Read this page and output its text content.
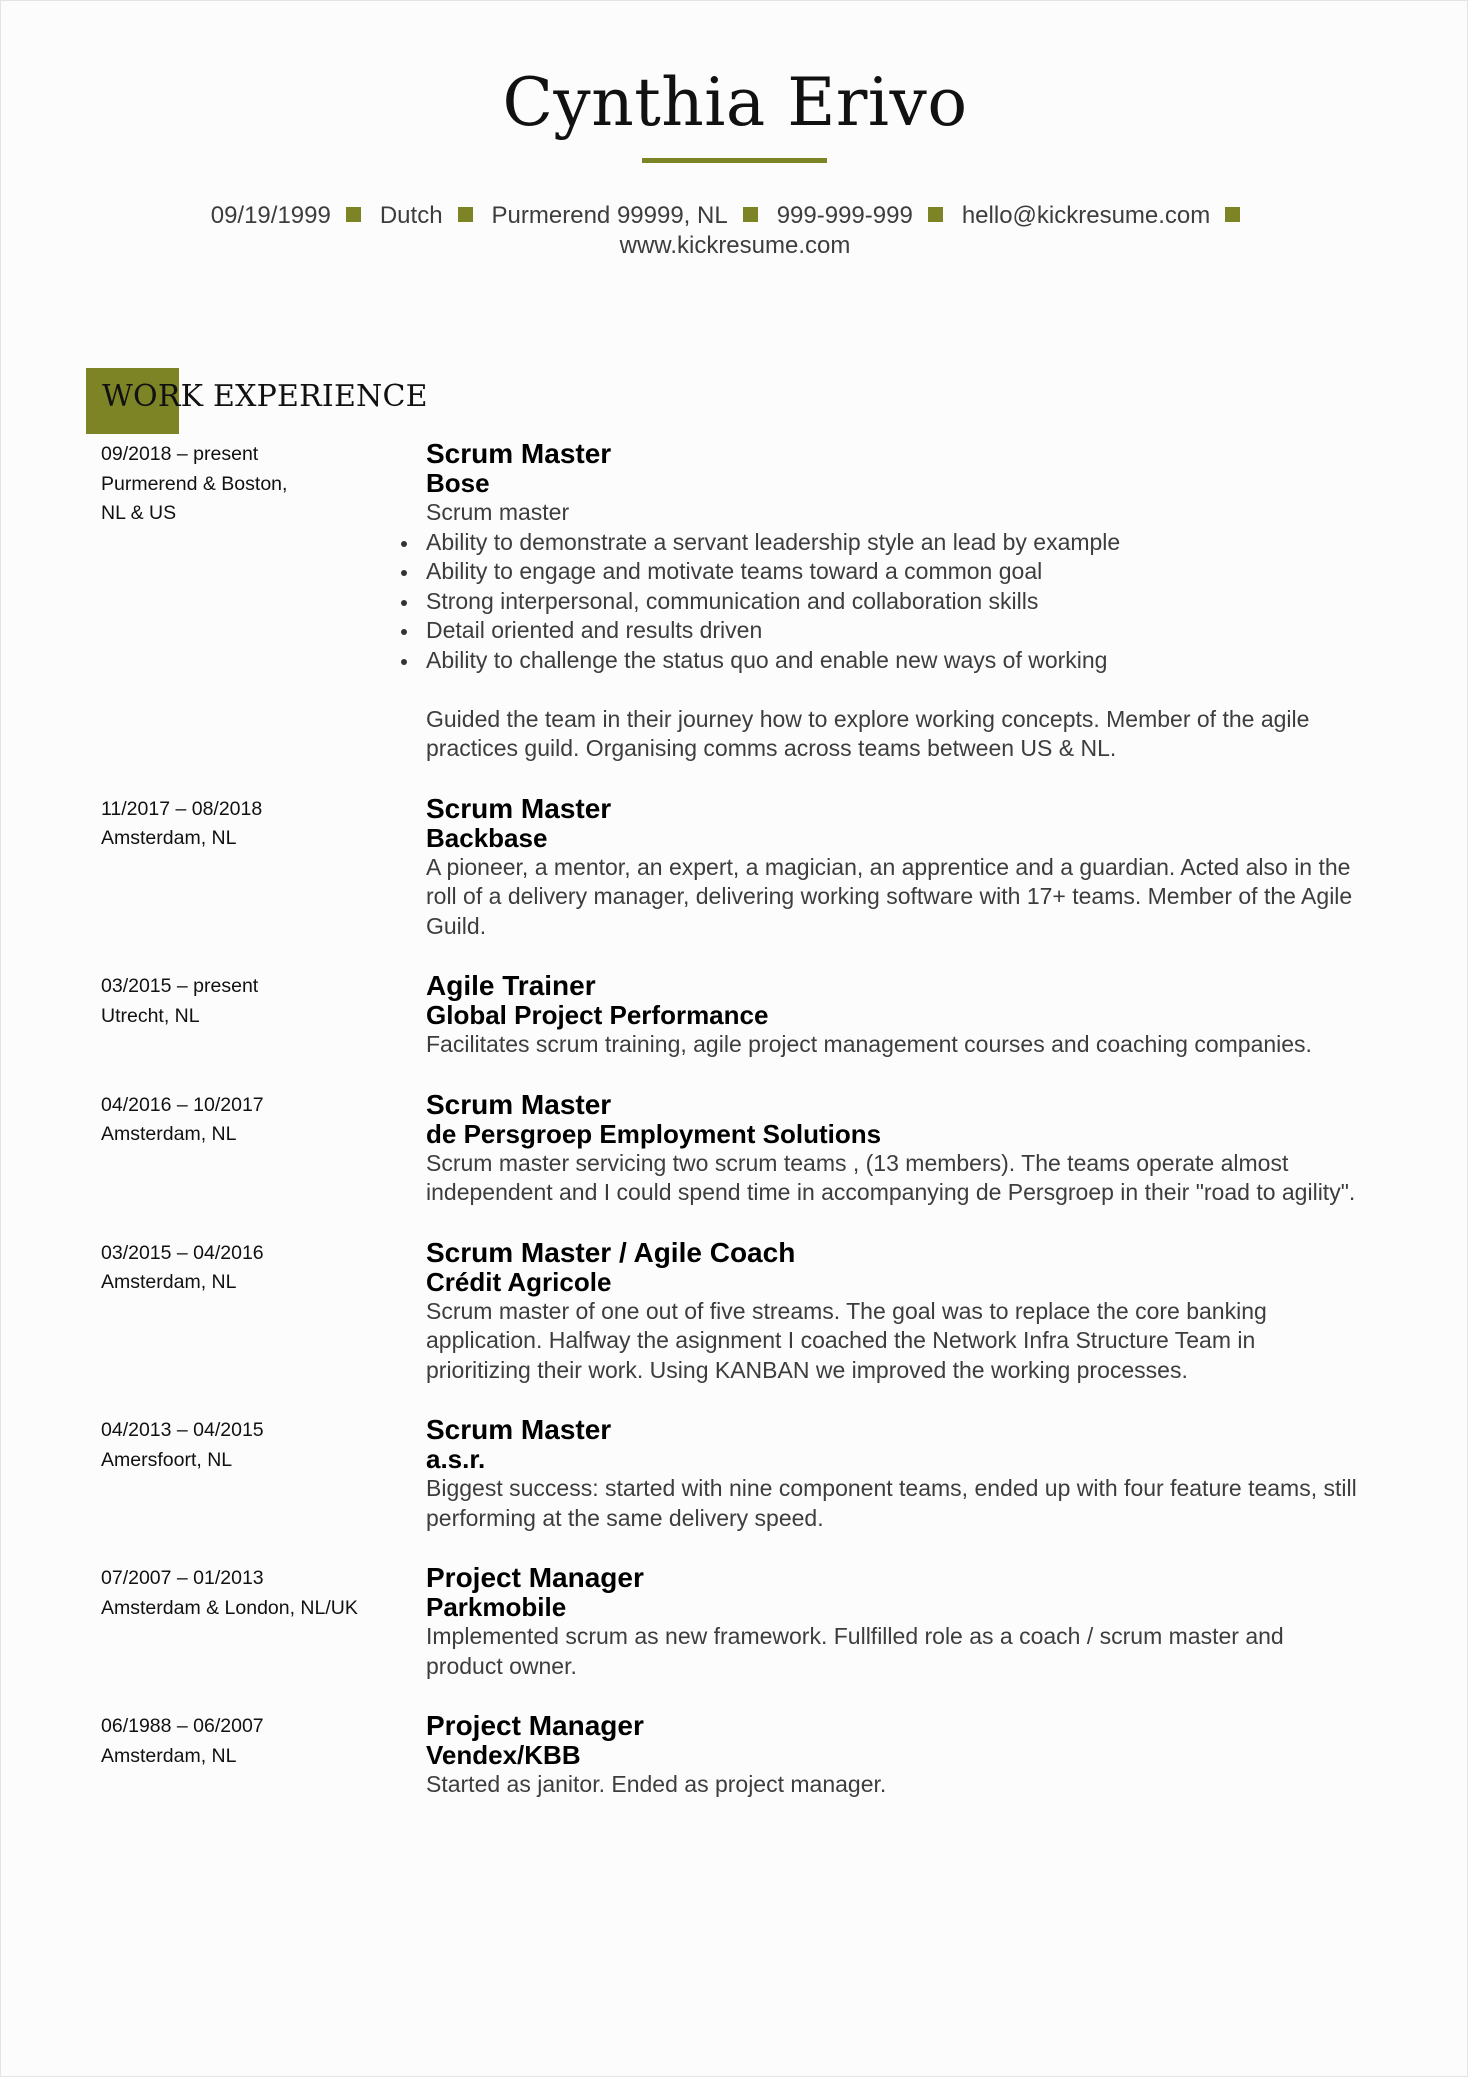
Cynthia Erivo
09/19/1999 Dutch Purmerend 99999, NL 999-999-999 hello@kickresume.com
www.kickresume.com
WORK EXPERIENCE
09/2018 – present
Purmerend & Boston, NL & US
Scrum Master
Bose
Scrum master
Ability to demonstrate a servant leadership style an lead by example
Ability to engage and motivate teams toward a common goal
Strong interpersonal, communication and collaboration skills
Detail oriented and results driven
Ability to challenge the status quo and enable new ways of working

Guided the team in their journey how to explore working concepts. Member of the agile practices guild. Organising comms across teams between US & NL.

11/2017 – 08/2018
Amsterdam, NL
Scrum Master
Backbase

A pioneer, a mentor, an expert, a magician, an apprentice and a guardian. Acted also in the roll of a delivery manager, delivering working software with 17+ teams. Member of the Agile Guild.

03/2015 – present
Utrecht, NL
Agile Trainer
Global Project Performance

Facilitates scrum training, agile project management courses and coaching companies.

04/2016 – 10/2017
Amsterdam, NL
Scrum Master
de Persgroep Employment Solutions

Scrum master servicing two scrum teams , (13 members). The teams operate almost independent and I could spend time in accompanying de Persgroep in their "road to agility".

03/2015 – 04/2016
Amsterdam, NL
Scrum Master / Agile Coach
Crédit Agricole

Scrum master of one out of five streams. The goal was to replace the core banking application. Halfway the asignment I coached the Network Infra Structure Team in prioritizing their work. Using KANBAN we improved the working processes.

04/2013 – 04/2015
Amersfoort, NL
Scrum Master
a.s.r.

Biggest success: started with nine component teams, ended up with four feature teams, still performing at the same delivery speed.

07/2007 – 01/2013
Amsterdam & London, NL/UK
Project Manager
Parkmobile

Implemented scrum as new framework. Fullfilled role as a coach / scrum master and product owner.

06/1988 – 06/2007
Amsterdam, NL
Project Manager
Vendex/KBB

Started as janitor. Ended as project manager.
